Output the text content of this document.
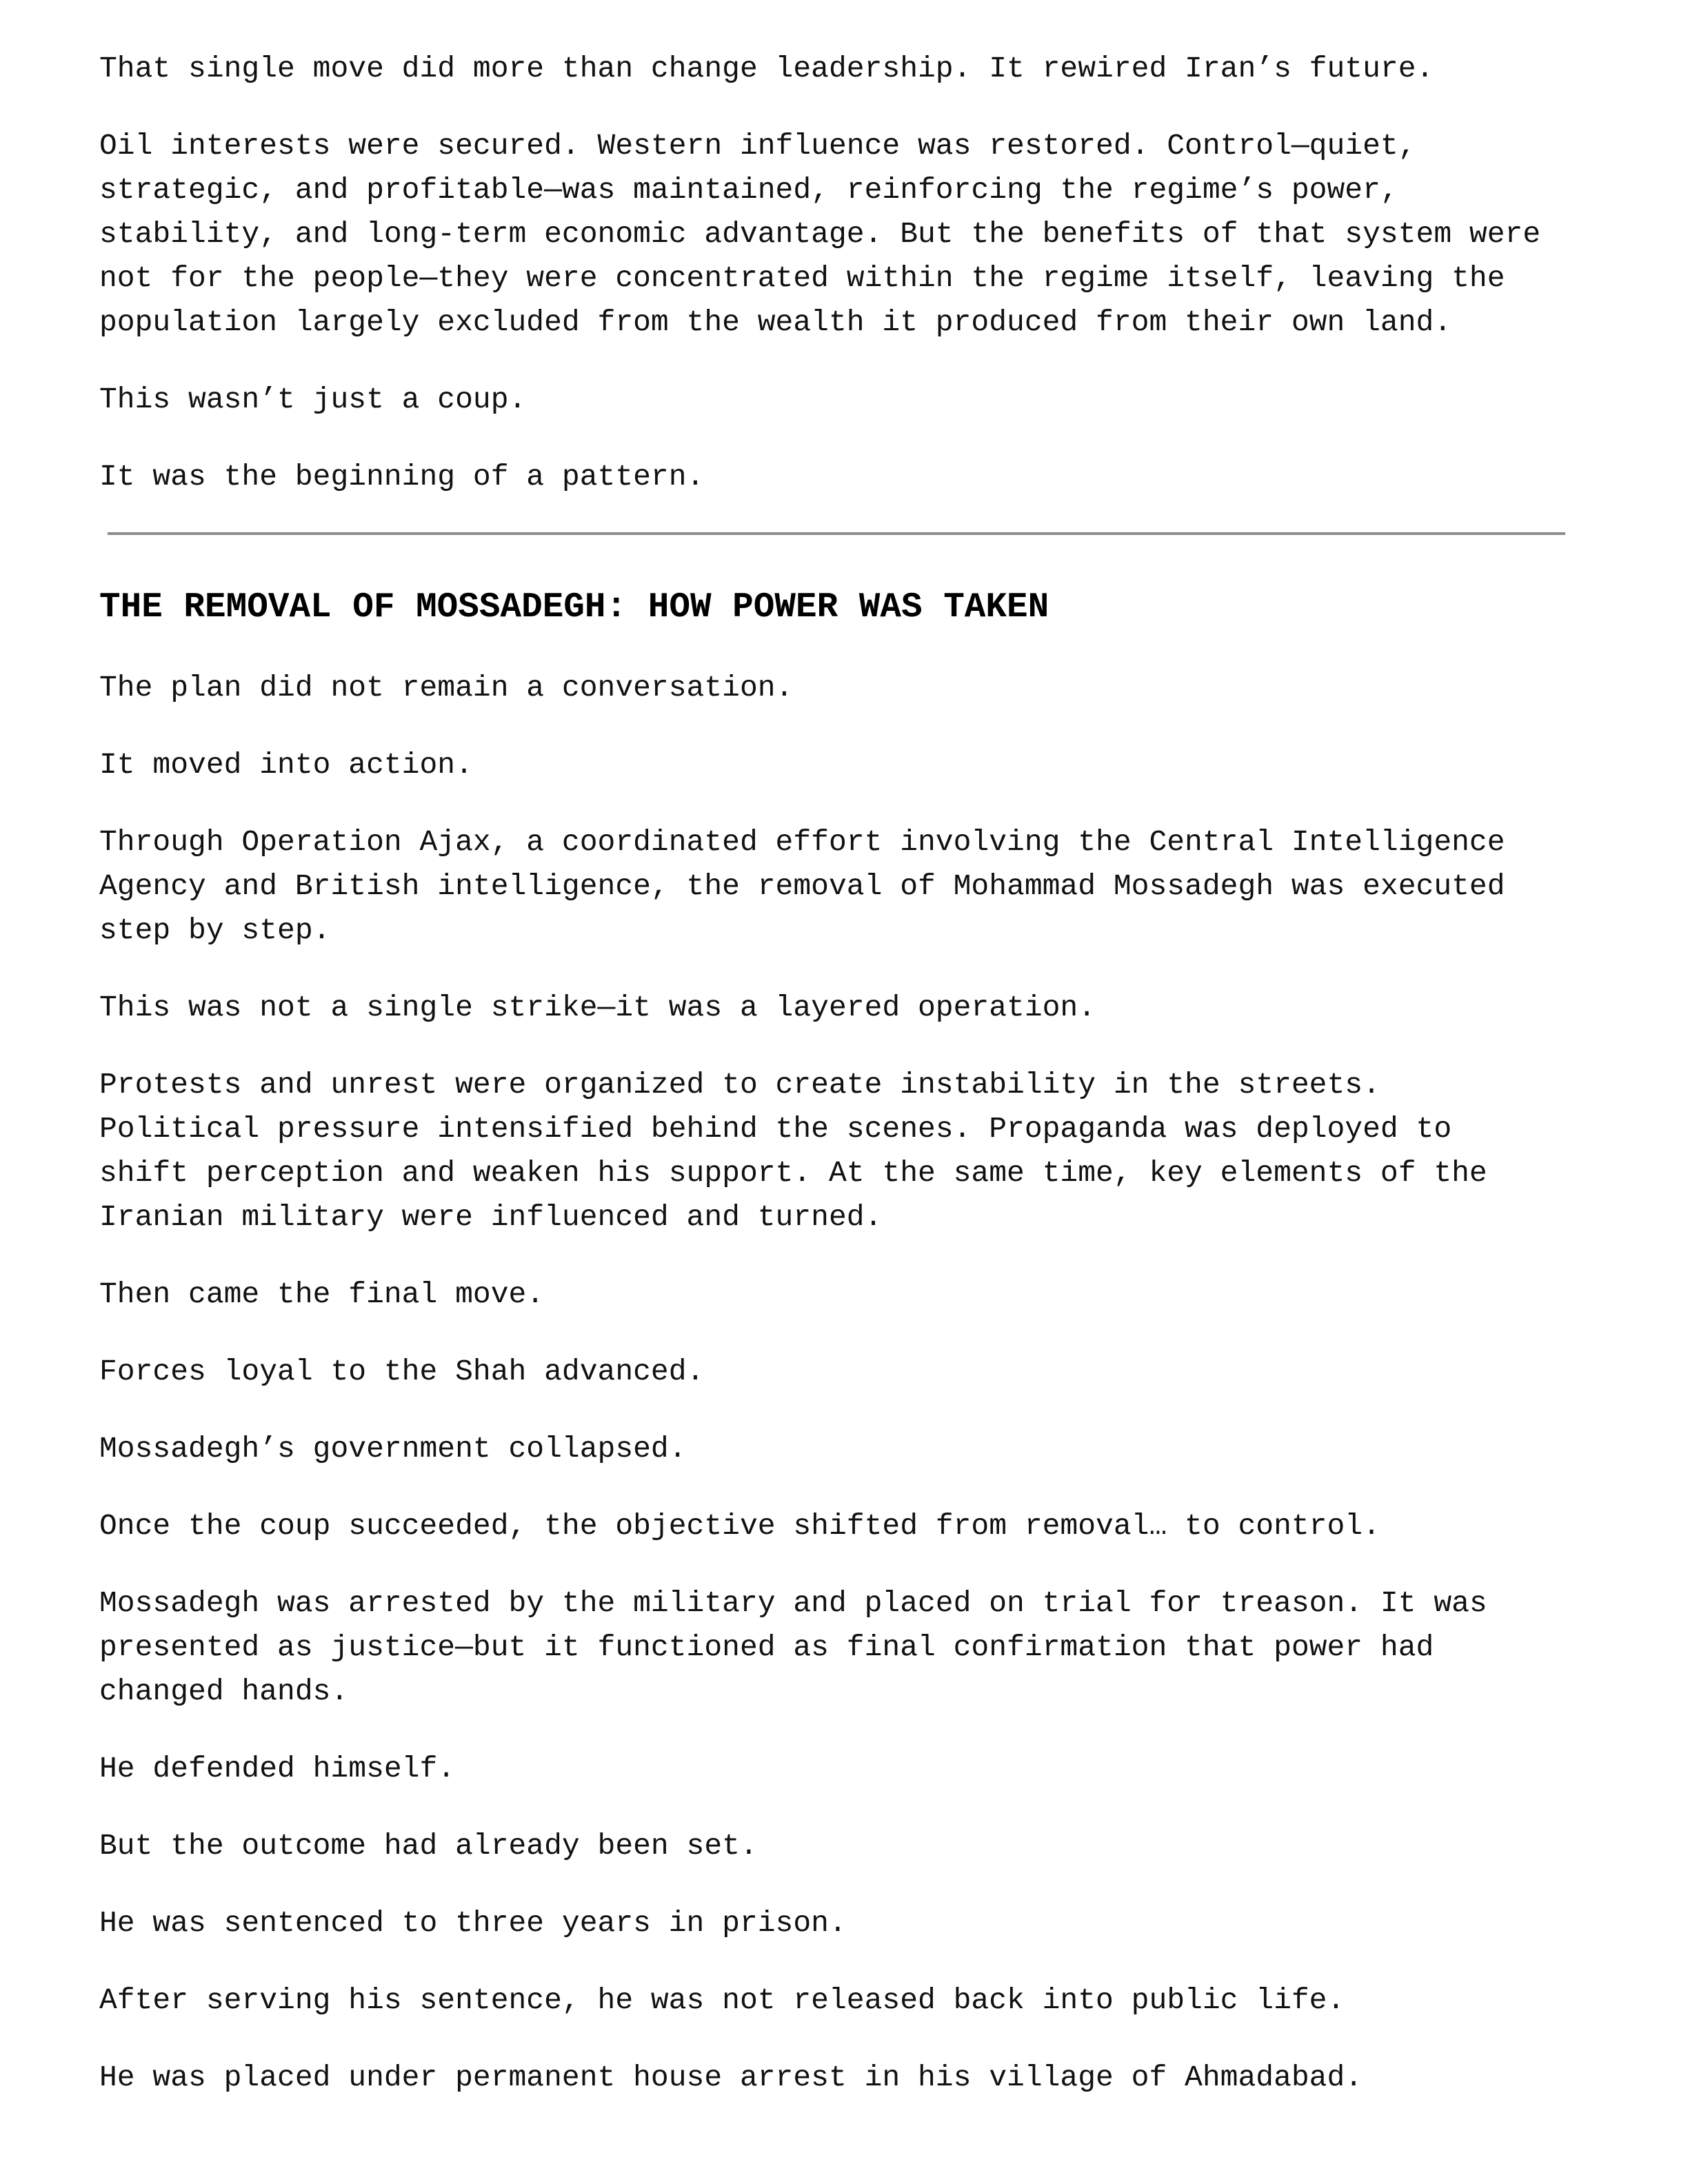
That single move did more than change leadership. It rewired Iran’s future.
Oil interests were secured. Western influence was restored. Control—quiet,
strategic, and profitable—was maintained, reinforcing the regime’s power,
stability, and long-term economic advantage. But the benefits of that system were
not for the people—they were concentrated within the regime itself, leaving the
population largely excluded from the wealth it produced from their own land.
This wasn’t just a coup.
It was the beginning of a pattern.
THE REMOVAL OF MOSSADEGH: HOW POWER WAS TAKEN
The plan did not remain a conversation.
It moved into action.
Through Operation Ajax, a coordinated effort involving the Central Intelligence
Agency and British intelligence, the removal of Mohammad Mossadegh was executed
step by step.
This was not a single strike—it was a layered operation.
Protests and unrest were organized to create instability in the streets.
Political pressure intensified behind the scenes. Propaganda was deployed to
shift perception and weaken his support. At the same time, key elements of the
Iranian military were influenced and turned.
Then came the final move.
Forces loyal to the Shah advanced.
Mossadegh’s government collapsed.
Once the coup succeeded, the objective shifted from removal… to control.
Mossadegh was arrested by the military and placed on trial for treason. It was
presented as justice—but it functioned as final confirmation that power had
changed hands.
He defended himself.
But the outcome had already been set.
He was sentenced to three years in prison.
After serving his sentence, he was not released back into public life.
He was placed under permanent house arrest in his village of Ahmadabad.
